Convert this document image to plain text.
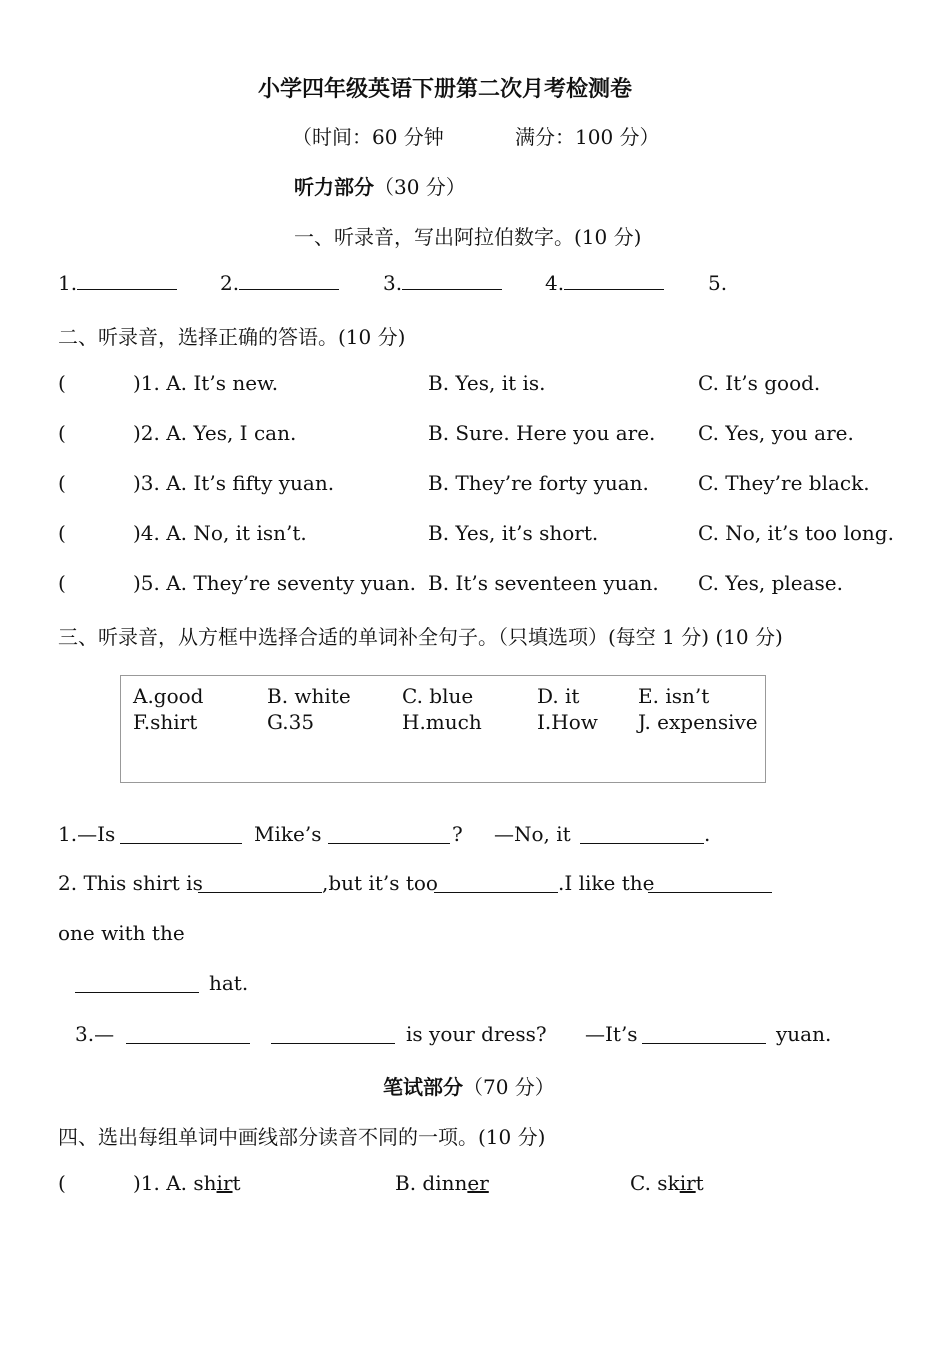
小学四年级英语下册第二次月考检测卷
（时间：60 分钟	满分：100 分）
听力部分（30 分）
一、听录音，写出阿拉伯数字。(10 分)
1.	2.	3.	4.	5.
二、听录音，选择正确的答语。(10 分)
(	)1. A. It’s new.	B. Yes, it is.	C. It’s good.
(	)2. A. Yes, I can.	B. Sure. Here you are. C. Yes, you are.
(	)3. A. It’s fifty yuan.	B. They’re forty yuan. C. They’re black.
(	)4. A. No, it isn’t.	B. Yes, it’s short.	C. No, it’s too long.
(	)5. A. They’re seventy yuan. B. It’s seventeen yuan. C. Yes, please.
三、听录音，从方框中选择合适的单词补全句子。（只填选项）(每空 1 分) (10 分)
A.good	B. white	C. blue	D. it	E. isn’t
F.shirt	G.35	H.much	I.How J. expensive
1.—Is	Mike’s	? —No, it	.
2. This shirt is	,but it’s too	.I like the
one with the
hat.
3.—	is your dress? —It’s	yuan.
笔试部分（70 分）
四、选出每组单词中画线部分读音不同的一项。(10 分)
(	)1. A. shirt	B. dinner	C. skirt
